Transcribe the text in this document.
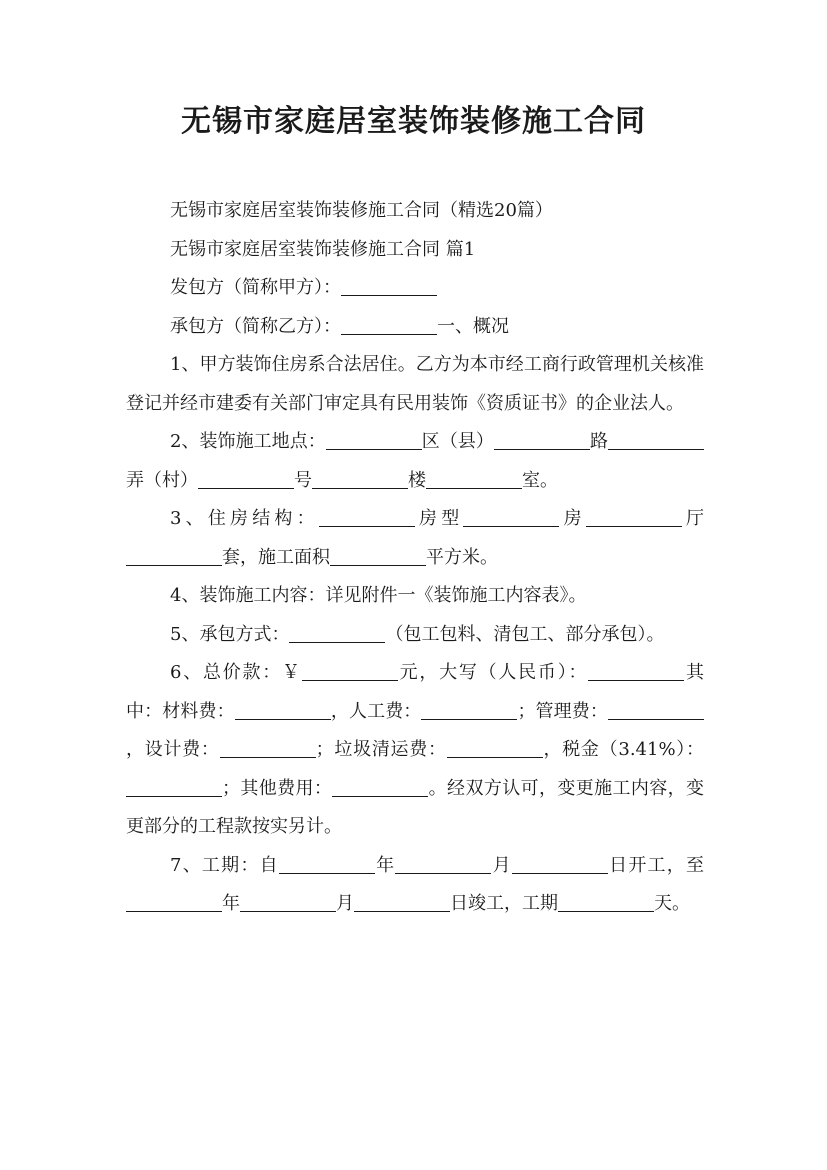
无锡市家庭居室装饰装修施工合同

无锡市家庭居室装饰装修施工合同（精选20篇）

无锡市家庭居室装饰装修施工合同 篇1

发包方（简称甲方）：

承包方（简称乙方）：	一、概况

1、甲方装饰住房系合法居住。乙方为本市经工商行政管理机关核准登记并经市建委有关部门审定具有民用装饰《资质证书》的企业法人。

2、装饰施工地点：	区（县）	路弄（村）	号	楼	室。

3、住房结构：	房型	房	厅套，施工面积	平方米。

4、装饰施工内容：详见附件一《装饰施工内容表》。

5、承包方式：	（包工包料、清包工、部分承包）。

6、总价款：￥	元，大写（人民币）：	其中：材料费：	，人工费：	；管理费：，设计费：	；垃圾清运费：	，税金（3.41%）：；其他费用：	。经双方认可，变更施工内容，变更部分的工程款按实另计。

7、工期：自	年	月	日开工，至年	月	日竣工，工期	天。
